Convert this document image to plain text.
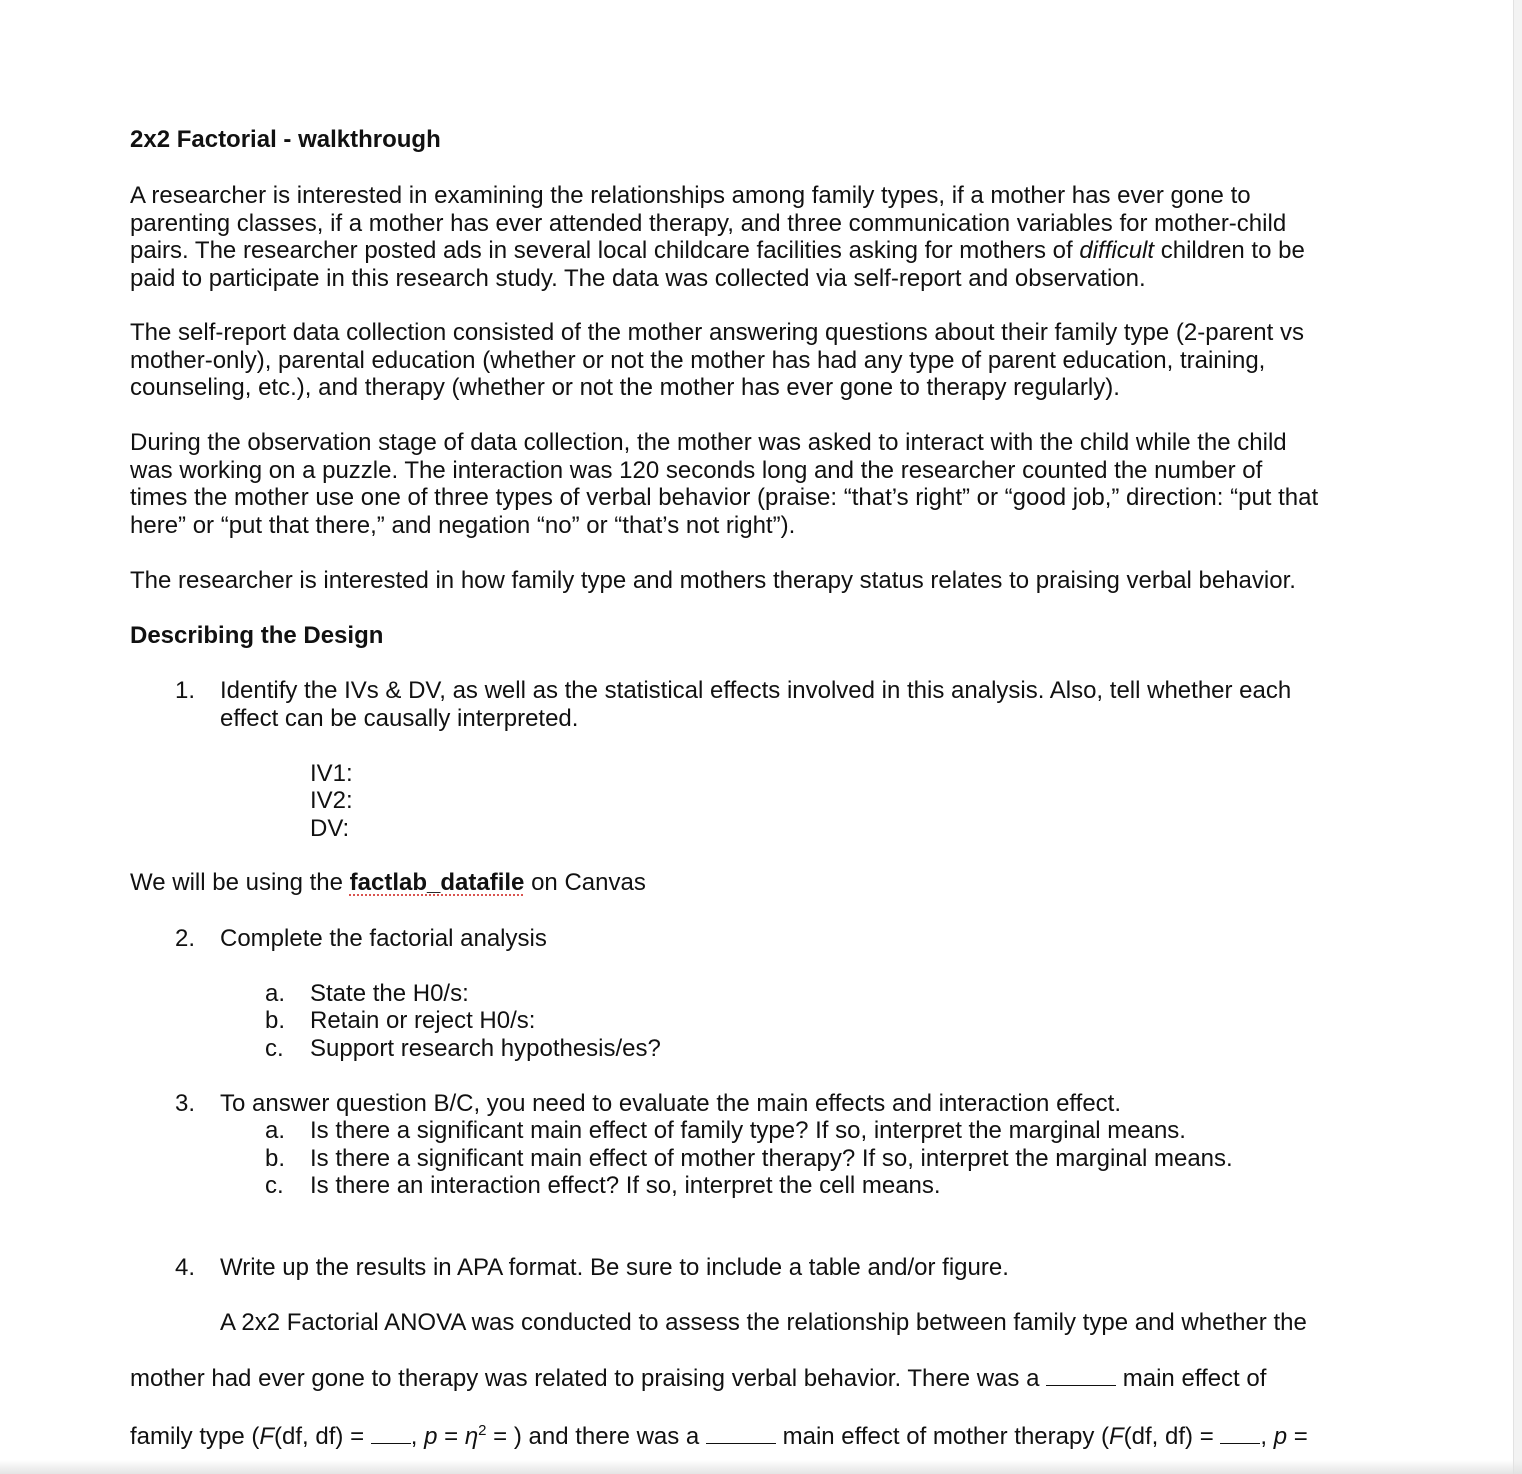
2x2 Factorial - walkthrough
A researcher is interested in examining the relationships among family types, if a mother has ever gone to
parenting classes, if a mother has ever attended therapy, and three communication variables for mother-child
pairs. The researcher posted ads in several local childcare facilities asking for mothers of difficult children to be
paid to participate in this research study. The data was collected via self-report and observation.
The self-report data collection consisted of the mother answering questions about their family type (2-parent vs
mother-only), parental education (whether or not the mother has had any type of parent education, training,
counseling, etc.), and therapy (whether or not the mother has ever gone to therapy regularly).
During the observation stage of data collection, the mother was asked to interact with the child while the child
was working on a puzzle. The interaction was 120 seconds long and the researcher counted the number of
times the mother use one of three types of verbal behavior (praise: “that’s right” or “good job,” direction: “put that
here” or “put that there,” and negation “no” or “that’s not right”).
The researcher is interested in how family type and mothers therapy status relates to praising verbal behavior.
Describing the Design
1. Identify the IVs & DV, as well as the statistical effects involved in this analysis. Also, tell whether each
effect can be causally interpreted.
IV1:
IV2:
DV:
We will be using the factlab_datafile on Canvas
2. Complete the factorial analysis
a. State the H0/s:
b. Retain or reject H0/s:
c. Support research hypothesis/es?
3. To answer question B/C, you need to evaluate the main effects and interaction effect.
a. Is there a significant main effect of family type? If so, interpret the marginal means.
b. Is there a significant main effect of mother therapy? If so, interpret the marginal means.
c. Is there an interaction effect? If so, interpret the cell means.
4. Write up the results in APA format. Be sure to include a table and/or figure.
A 2x2 Factorial ANOVA was conducted to assess the relationship between family type and whether the
mother had ever gone to therapy was related to praising verbal behavior. There was a	main effect of
family type (F(df, df) = , $p = \eta^2$ = ) and there was a	main effect of mother therapy (F(df, df) = , p =
